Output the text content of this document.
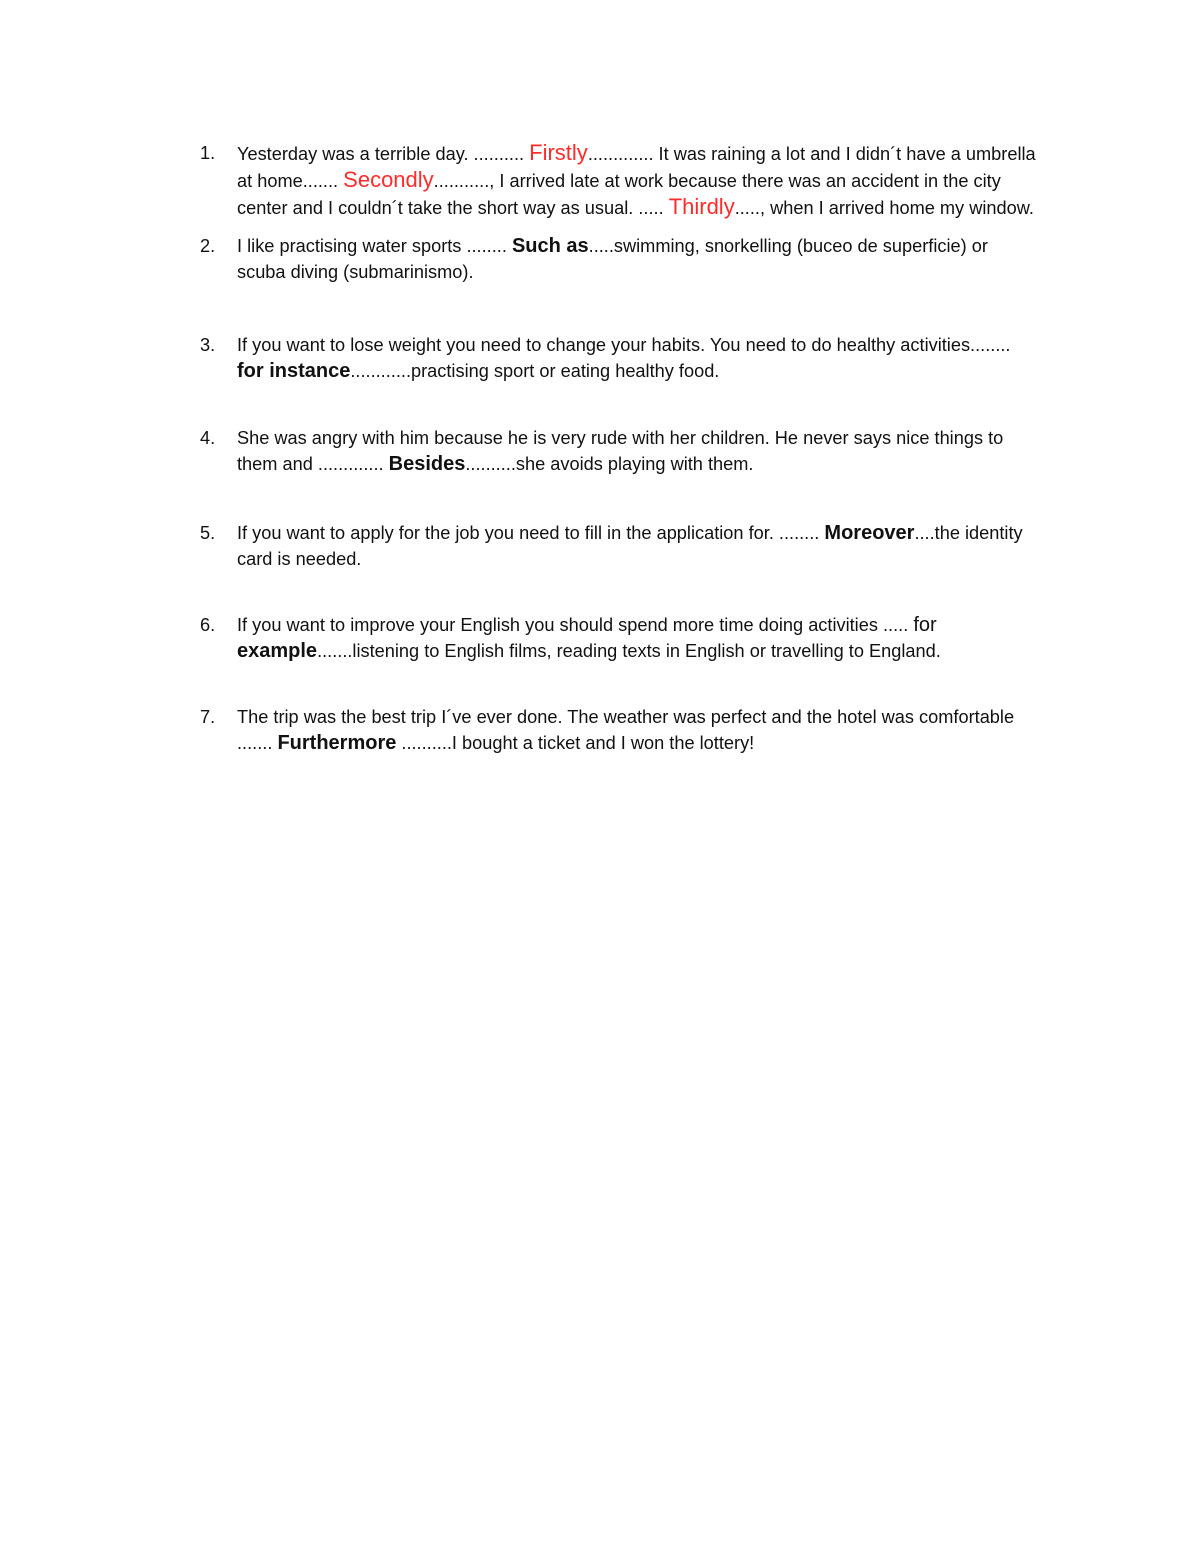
1.	Yesterday was a terrible day. .......... Firstly............. It was raining a lot and I didn´t have a umbrella at home....... Secondly..........., I arrived late at work because there was an accident in the city center and I couldn´t take the short way as usual. ..... Thirdly....., when I arrived home my window.
2.	I like practising water sports ........ Such as.....swimming, snorkelling (buceo de superficie) or scuba diving (submarinismo).
3.	If you want to lose weight you need to change your habits. You need to do healthy activities........ for instance............practising sport or eating healthy food.
4.	She was angry with him because he is very rude with her children. He never says nice things to them and ............. Besides..........she avoids playing with them.
5.	If you want to apply for the job you need to fill in the application for. ........ Moreover....the identity card is needed.
6.	If you want to improve your English you should spend more time doing activities ..... for example.......listening to English films, reading texts in English or travelling to England.
7.	The trip was the best trip I´ve ever done. The weather was perfect and the hotel was comfortable ....... Furthermore ..........I bought a ticket and I won the lottery!
